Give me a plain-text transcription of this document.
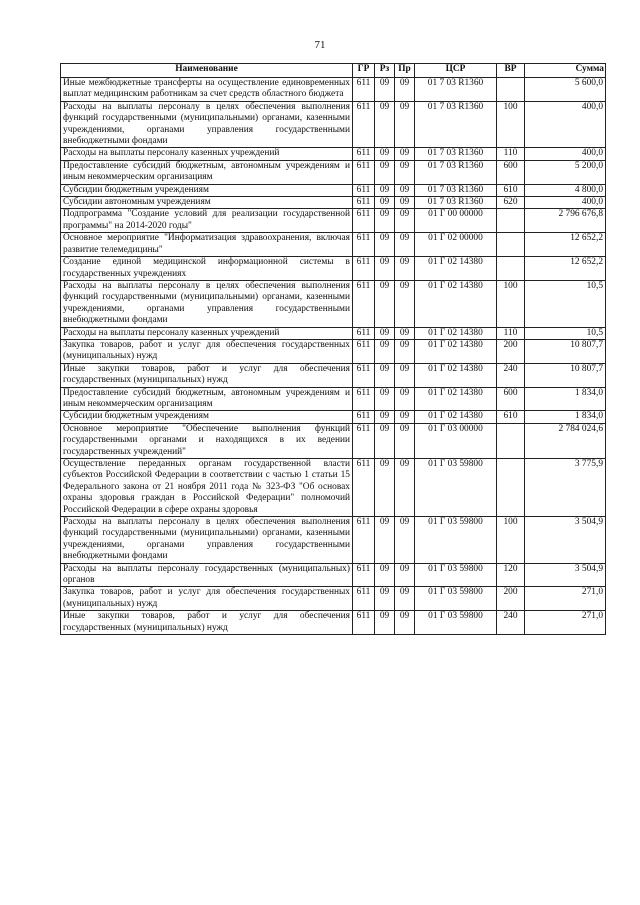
71
Наименование	ГР	Рз	Пр	ЦСР	ВР	Сумма
Иные межбюджетные трансферты на осуществление единовременных выплат медицинским работникам за счет средств областного бюджета	611	09	09	01 7 03 R1360		5 600,0
Расходы на выплаты персоналу в целях обеспечения выполнения функций государственными (муниципальными) органами, казенными учреждениями, органами управления государственными внебюджетными фондами	611	09	09	01 7 03 R1360	100	400,0
Расходы на выплаты персоналу казенных учреждений	611	09	09	01 7 03 R1360	110	400,0
Предоставление субсидий бюджетным, автономным учреждениям и иным некоммерческим организациям	611	09	09	01 7 03 R1360	600	5 200,0
Субсидии бюджетным учреждениям	611	09	09	01 7 03 R1360	610	4 800,0
Субсидии автономным учреждениям	611	09	09	01 7 03 R1360	620	400,0
Подпрограмма "Создание условий для реализации государственной программы" на 2014-2020 годы"	611	09	09	01 Г 00 00000		2 796 676,8
Основное мероприятие "Информатизация здравоохранения, включая развитие телемедицины"	611	09	09	01 Г 02 00000		12 652,2
Создание единой медицинской информационной системы в государственных учреждениях	611	09	09	01 Г 02 14380		12 652,2
Расходы на выплаты персоналу в целях обеспечения выполнения функций государственными (муниципальными) органами, казенными учреждениями, органами управления государственными внебюджетными фондами	611	09	09	01 Г 02 14380	100	10,5
Расходы на выплаты персоналу казенных учреждений	611	09	09	01 Г 02 14380	110	10,5
Закупка товаров, работ и услуг для обеспечения государственных (муниципальных) нужд	611	09	09	01 Г 02 14380	200	10 807,7
Иные закупки товаров, работ и услуг для обеспечения государственных (муниципальных) нужд	611	09	09	01 Г 02 14380	240	10 807,7
Предоставление субсидий бюджетным, автономным учреждениям и иным некоммерческим организациям	611	09	09	01 Г 02 14380	600	1 834,0
Субсидии бюджетным учреждениям	611	09	09	01 Г 02 14380	610	1 834,0
Основное мероприятие "Обеспечение выполнения функций государственными органами и находящихся в их ведении государственных учреждений"	611	09	09	01 Г 03 00000		2 784 024,6
Осуществление переданных органам государственной власти субъектов Российской Федерации в соответствии с частью 1 статьи 15 Федерального закона от 21 ноября 2011 года № 323-ФЗ "Об основах охраны здоровья граждан в Российской Федерации" полномочий Российской Федерации в сфере охраны здоровья	611	09	09	01 Г 03 59800		3 775,9
Расходы на выплаты персоналу в целях обеспечения выполнения функций государственными (муниципальными) органами, казенными учреждениями, органами управления государственными внебюджетными фондами	611	09	09	01 Г 03 59800	100	3 504,9
Расходы на выплаты персоналу государственных (муниципальных) органов	611	09	09	01 Г 03 59800	120	3 504,9
Закупка товаров, работ и услуг для обеспечения государственных (муниципальных) нужд	611	09	09	01 Г 03 59800	200	271,0
Иные закупки товаров, работ и услуг для обеспечения государственных (муниципальных) нужд	611	09	09	01 Г 03 59800	240	271,0
